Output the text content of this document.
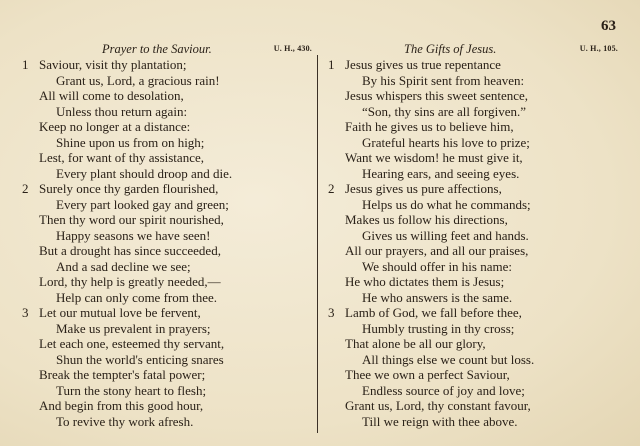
63
Prayer to the Saviour.	U. H., 430.
1 Saviour, visit thy plantation;
Grant us, Lord, a gracious rain!
All will come to desolation,
Unless thou return again:
Keep no longer at a distance:
Shine upon us from on high;
Lest, for want of thy assistance,
Every plant should droop and die.
2 Surely once thy garden flourished,
Every part looked gay and green;
Then thy word our spirit nourished,
Happy seasons we have seen!
But a drought has since succeeded,
And a sad decline we see;
Lord, thy help is greatly needed,—
Help can only come from thee.
3 Let our mutual love be fervent,
Make us prevalent in prayers;
Let each one, esteemed thy servant,
Shun the world's enticing snares
Break the tempter's fatal power;
Turn the stony heart to flesh;
And begin from this good hour,
To revive thy work afresh.
The Gifts of Jesus.	U. H., 105.
1 Jesus gives us true repentance
By his Spirit sent from heaven:
Jesus whispers this sweet sentence,
“Son, thy sins are all forgiven.”
Faith he gives us to believe him,
Grateful hearts his love to prize;
Want we wisdom! he must give it,
Hearing ears, and seeing eyes.
2 Jesus gives us pure affections,
Helps us do what he commands;
Makes us follow his directions,
Gives us willing feet and hands.
All our prayers, and all our praises,
We should offer in his name:
He who dictates them is Jesus;
He who answers is the same.
3 Lamb of God, we fall before thee,
Humbly trusting in thy cross;
That alone be all our glory,
All things else we count but loss.
Thee we own a perfect Saviour,
Endless source of joy and love;
Grant us, Lord, thy constant favour,
Till we reign with thee above.
